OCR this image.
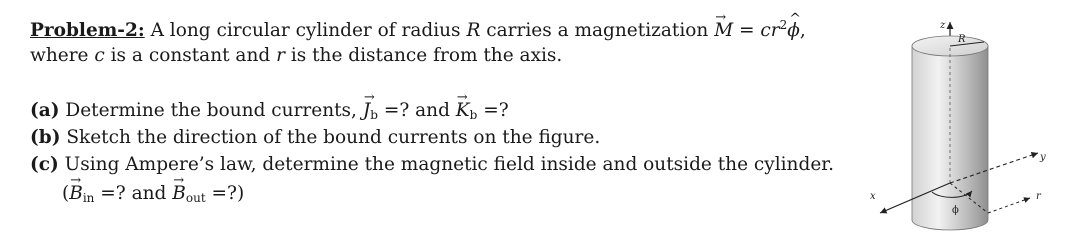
Problem-2: A long circular cylinder of radius R carries a magnetization → $M = cr^2\^{}$ ϕ,
where c is a constant and r is the distance from the axis.
(a) Determine the bound currents, → $J_b$ =? and → $K_b$ =?
(b) Sketch the direction of the bound currents on the figure.
(c) Using Ampere’s law, determine the magnetic field inside and outside the cylinder.
(→ $B_{in}$ =? and → $B_{out}$ =?)
z
R
y
x	r
ϕ
